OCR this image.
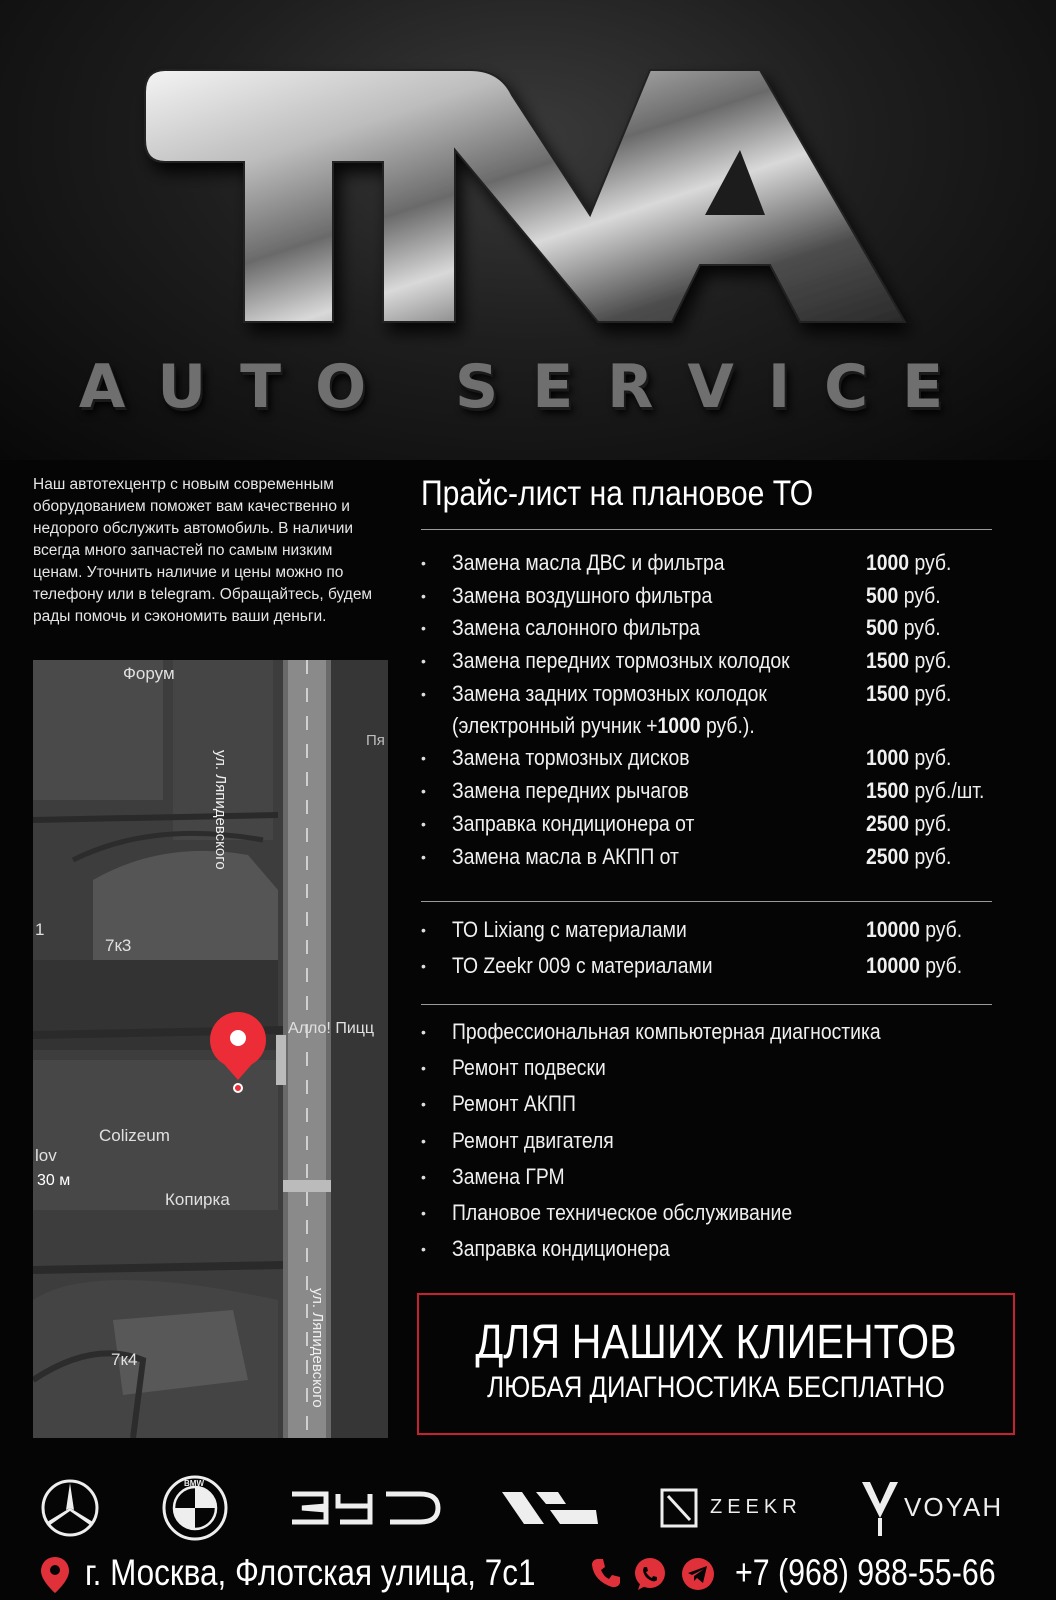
AUTO SERVICE
Наш автотехцентр с новым современным оборудованием поможет вам качественно и недорого обслужить автомобиль. В наличии всегда много запчастей по самым низким ценам. Уточнить наличие и цены можно по телефону или в telegram. Обращайтесь, будем рады помочь и сэкономить ваши деньги.
Форум
7к3
1
Алло! Пицц
Colizeum
lov
30 м
Копирка
7к4
Пя
ул. Ляпидевского
ул. Ляпидевского
Прайс-лист на плановое ТО
• Замена масла ДВС и фильтра	1000 руб.
• Замена воздушного фильтра	500 руб.
• Замена салонного фильтра	500 руб.
• Замена передних тормозных колодок	1500 руб.
• Замена задних тормозных колодок	1500 руб.
(электронный ручник +1000 руб.).
• Замена тормозных дисков	1000 руб.
• Замена передних рычагов	1500 руб./шт.
• Заправка кондиционера от	2500 руб.
• Замена масла в АКПП от	2500 руб.
• ТО Lixiang с материалами	10000 руб.
• ТО Zeekr 009 с материалами	10000 руб.
• Профессиональная компьютерная диагностика
• Ремонт подвески
• Ремонт АКПП
• Ремонт двигателя
• Замена ГРМ
• Плановое техническое обслуживание
• Заправка кондиционера
ДЛЯ НАШИХ КЛИЕНТОВ
ЛЮБАЯ ДИАГНОСТИКА БЕСПЛАТНО
BMW
ZEEKR	VOYAH
г. Москва, Флотская улица, 7с1	+7 (968) 988-55-66
